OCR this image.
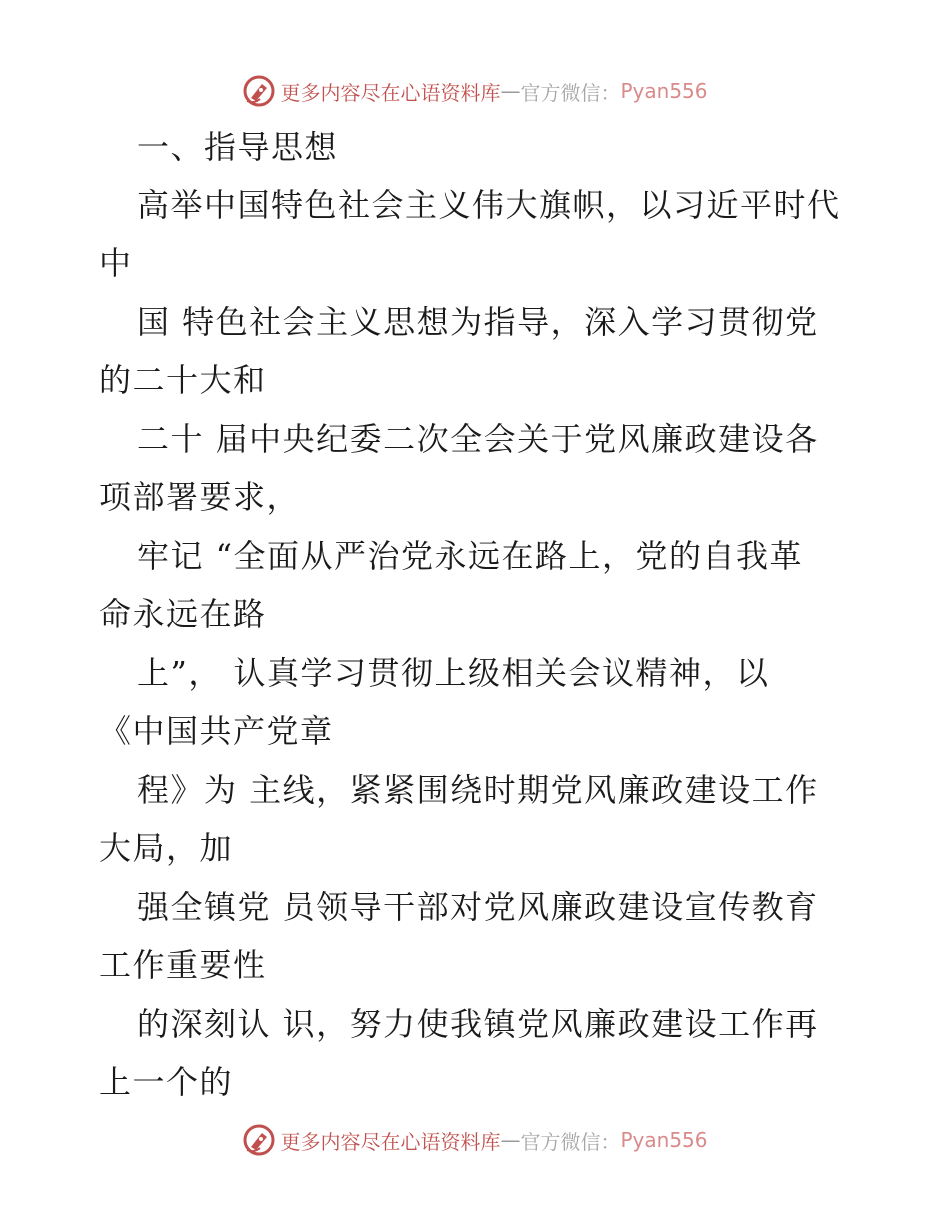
更多内容尽在心语资料库 — 官方微信： Pyan556
一、指导思想
高举中国特色社会主义伟大旗帜，以习近平时代
中
国 特色社会主义思想为指导，深入学习贯彻党
的二十大和
二十 届中央纪委二次全会关于党风廉政建设各
项部署要求，
牢记 “全面从严治党永远在路上，党的自我革
命永远在路
上”， 认真学习贯彻上级相关会议精神，以
《中国共产党章
程》为 主线，紧紧围绕时期党风廉政建设工作
大局，加
强全镇党 员领导干部对党风廉政建设宣传教育
工作重要性
的深刻认 识，努力使我镇党风廉政建设工作再
上一个的
更多内容尽在心语资料库 — 官方微信： Pyan556
